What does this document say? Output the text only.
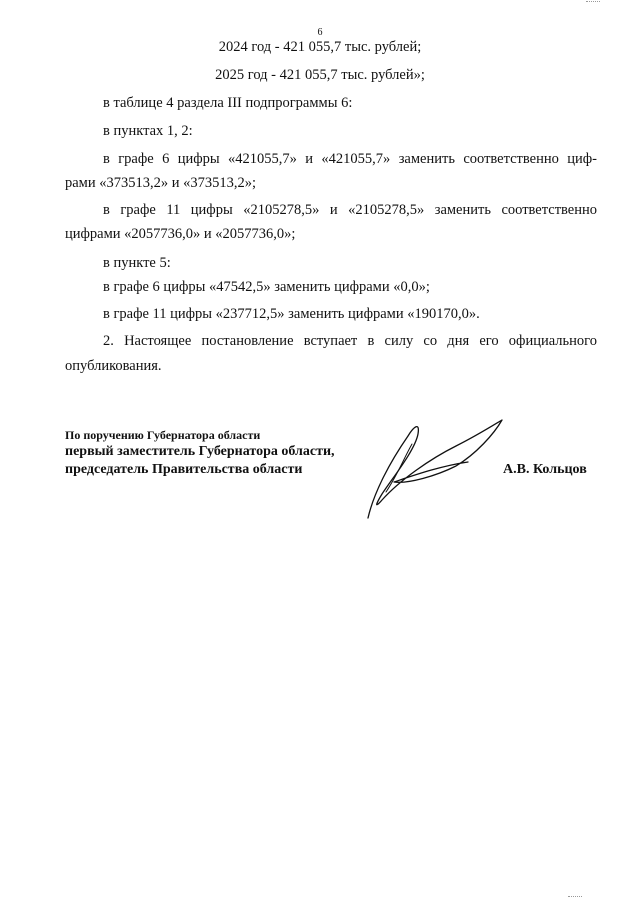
6
2024 год - 421 055,7 тыс. рублей;
2025 год - 421 055,7 тыс. рублей»;
в таблице 4 раздела III подпрограммы 6:
в пунктах 1, 2:
в графе 6 цифры «421055,7» и «421055,7» заменить соответственно циф-
рами «373513,2» и «373513,2»;
в графе 11 цифры «2105278,5» и «2105278,5» заменить соответственно
цифрами «2057736,0» и «2057736,0»;
в пункте 5:
в графе 6 цифры «47542,5» заменить цифрами «0,0»;
в графе 11 цифры «237712,5» заменить цифрами «190170,0».
2. Настоящее постановление вступает в силу со дня его официального
опубликования.
По поручению Губернатора области
первый заместитель Губернатора области,
председатель Правительства области	А.В. Кольцов
